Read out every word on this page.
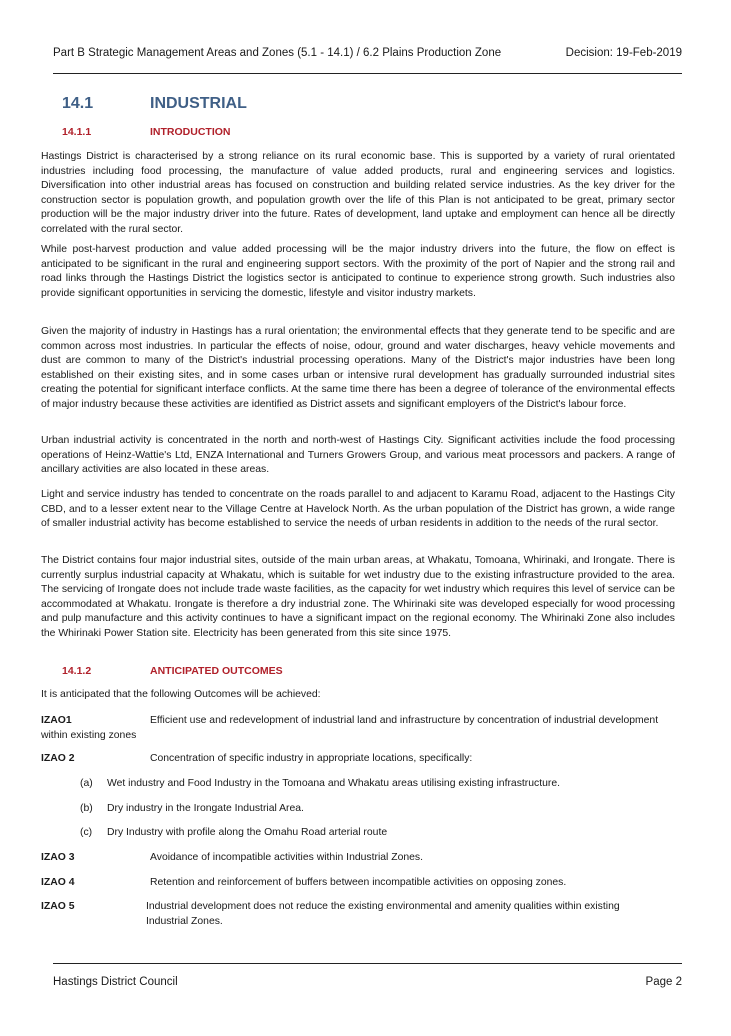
Part B Strategic Management Areas and Zones (5.1 - 14.1) / 6.2 Plains Production Zone	Decision: 19-Feb-2019
14.1	INDUSTRIAL
14.1.1	INTRODUCTION

Hastings District is characterised by a strong reliance on its rural economic base. This is supported by a variety of rural orientated industries including food processing, the manufacture of value added products, rural and engineering services and logistics. Diversification into other industrial areas has focused on construction and building related service industries. As the key driver for the construction sector is population growth, and population growth over the life of this Plan is not anticipated to be great, primary sector production will be the major industry driver into the future. Rates of development, land uptake and employment can hence all be directly correlated with the rural sector.

While post-harvest production and value added processing will be the major industry drivers into the future, the flow on effect is anticipated to be significant in the rural and engineering support sectors. With the proximity of the port of Napier and the strong rail and road links through the Hastings District the logistics sector is anticipated to continue to experience strong growth. Such industries also provide significant opportunities in servicing the domestic, lifestyle and visitor industry markets.

Given the majority of industry in Hastings has a rural orientation; the environmental effects that they generate tend to be specific and are common across most industries. In particular the effects of noise, odour, ground and water discharges, heavy vehicle movements and dust are common to many of the District's industrial processing operations. Many of the District's major industries have been long established on their existing sites, and in some cases urban or intensive rural development has gradually surrounded industrial sites creating the potential for significant interface conflicts. At the same time there has been a degree of tolerance of the environmental effects of major industry because these activities are identified as District assets and significant employers of the District's labour force.

Urban industrial activity is concentrated in the north and north-west of Hastings City. Significant activities include the food processing operations of Heinz-Wattie's Ltd, ENZA International and Turners Growers Group, and various meat processors and packers. A range of ancillary activities are also located in these areas.

Light and service industry has tended to concentrate on the roads parallel to and adjacent to Karamu Road, adjacent to the Hastings City CBD, and to a lesser extent near to the Village Centre at Havelock North. As the urban population of the District has grown, a wide range of smaller industrial activity has become established to service the needs of urban residents in addition to the needs of the rural sector.

The District contains four major industrial sites, outside of the main urban areas, at Whakatu, Tomoana, Whirinaki, and Irongate. There is currently surplus industrial capacity at Whakatu, which is suitable for wet industry due to the existing infrastructure provided to the area. The servicing of Irongate does not include trade waste facilities, as the capacity for wet industry which requires this level of service can be accommodated at Whakatu. Irongate is therefore a dry industrial zone. The Whirinaki site was developed especially for wood processing and pulp manufacture and this activity continues to have a significant impact on the regional economy. The Whirinaki Zone also includes the Whirinaki Power Station site. Electricity has been generated from this site since 1975.

14.1.2	ANTICIPATED OUTCOMES
It is anticipated that the following Outcomes will be achieved:
IZAO1	Efficient use and redevelopment of industrial land and infrastructure by concentration of industrial development within existing zones
IZAO 2	Concentration of specific industry in appropriate locations, specifically:
(a) Wet industry and Food Industry in the Tomoana and Whakatu areas utilising existing infrastructure.
(b) Dry industry in the Irongate Industrial Area.
(c) Dry Industry with profile along the Omahu Road arterial route
IZAO 3	Avoidance of incompatible activities within Industrial Zones.
IZAO 4	Retention and reinforcement of buffers between incompatible activities on opposing zones.
IZAO 5	Industrial development does not reduce the existing environmental and amenity qualities within existing Industrial Zones.
Hastings District Council	Page 2
